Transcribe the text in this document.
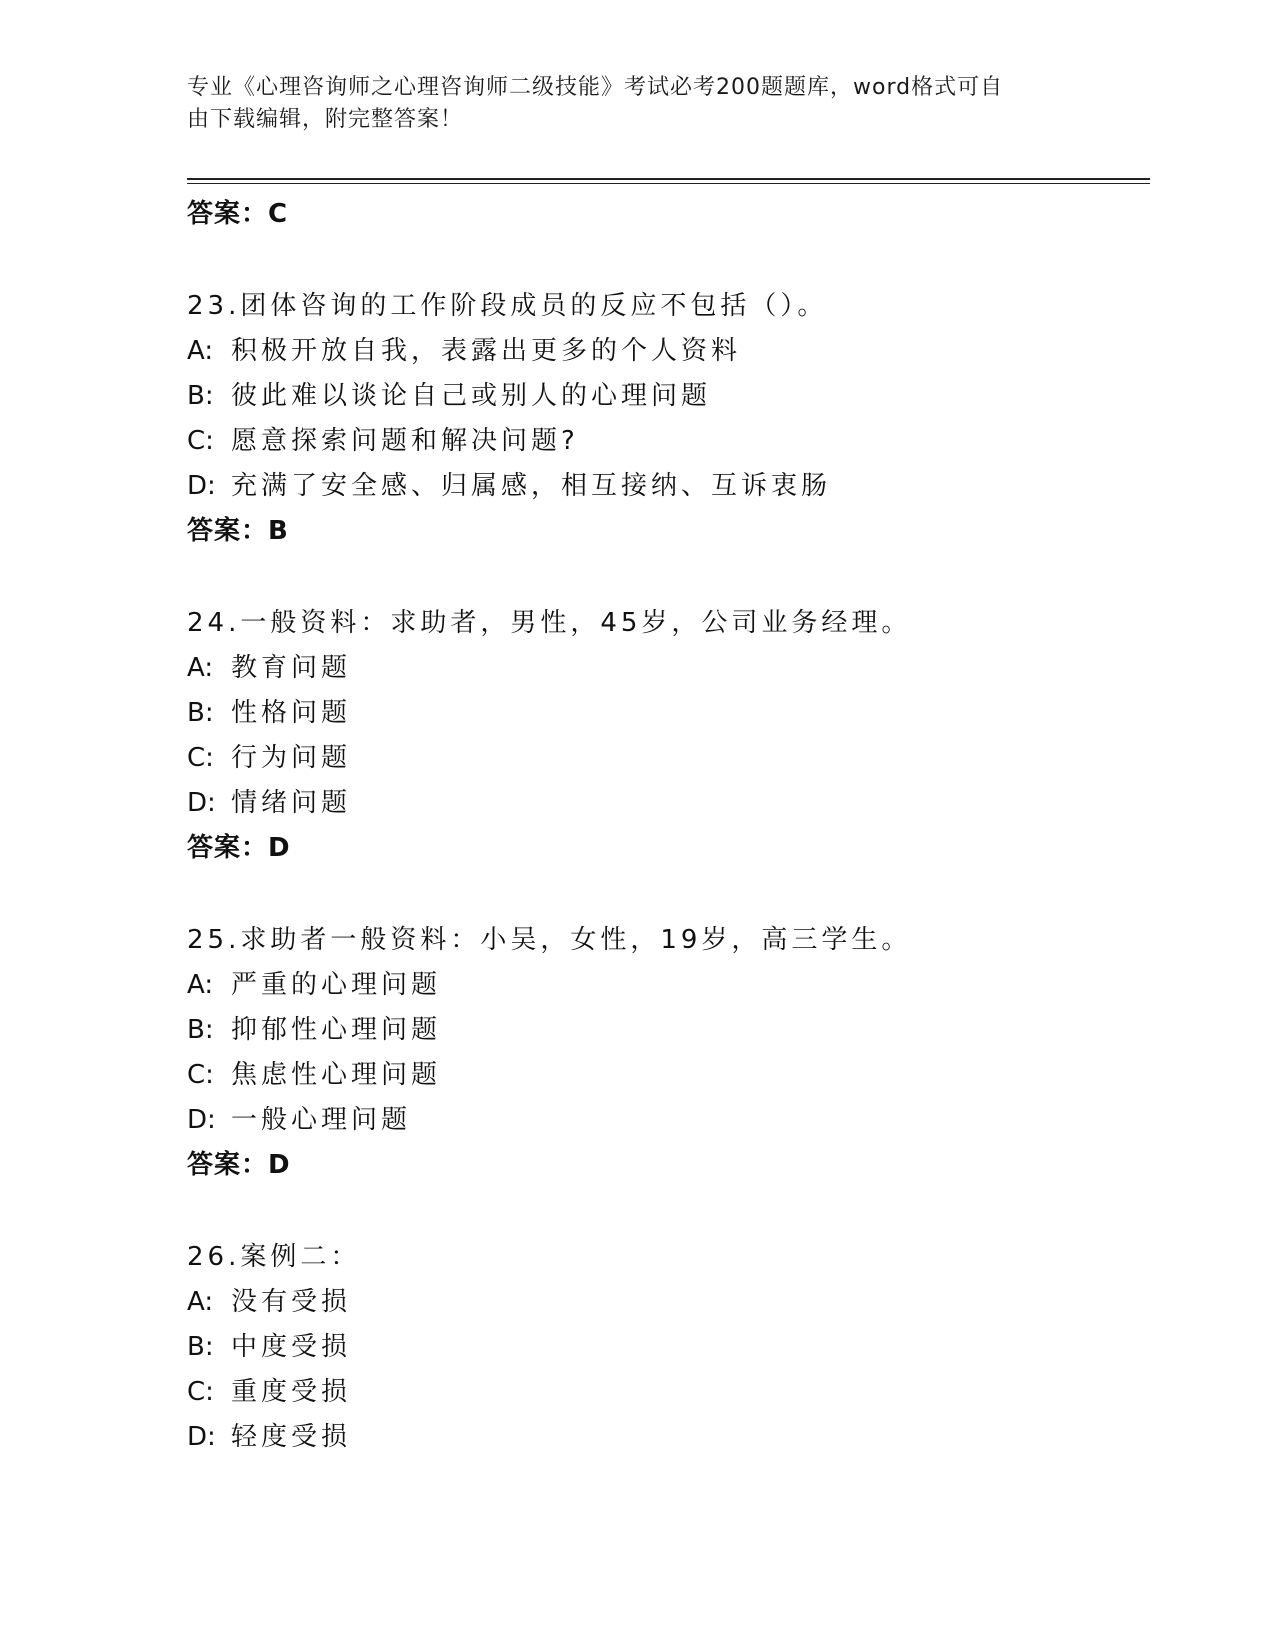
专业《心理咨询师之心理咨询师二级技能》考试必考200题题库，word格式可自
由下载编辑，附完整答案！
答案：C
23.团体咨询的工作阶段成员的反应不包括（）。
A: 积极开放自我，表露出更多的个人资料
B: 彼此难以谈论自己或别人的心理问题
C: 愿意探索问题和解决问题?
D: 充满了安全感、归属感，相互接纳、互诉衷肠
答案：B
24.一般资料：求助者，男性，45岁，公司业务经理。
A: 教育问题
B: 性格问题
C: 行为问题
D: 情绪问题
答案：D
25.求助者一般资料：小吴，女性，19岁，高三学生。
A: 严重的心理问题
B: 抑郁性心理问题
C: 焦虑性心理问题
D: 一般心理问题
答案：D
26.案例二：
A: 没有受损
B: 中度受损
C: 重度受损
D: 轻度受损
